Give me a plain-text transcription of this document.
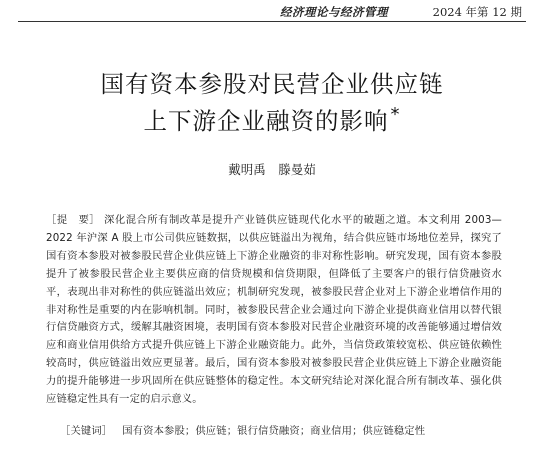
经济理论与经济管理	2024 年第 12 期
国有资本参股对民营企业供应链
上下游企业融资的影响 *
戴明禹　滕曼茹
［提　要］ 深化混合所有制改革是提升产业链供应链现代化水平的破题之道。本文利用 2003—2022 年沪深 A 股上市公司供应链数据，以供应链溢出为视角，结合供应链市场地位差异，探究了国有资本参股对被参股民营企业供应链上下游企业融资的非对称性影响。研究发现，国有资本参股提升了被参股民营企业主要供应商的信贷规模和信贷期限，但降低了主要客户的银行信贷融资水平，表现出非对称性的供应链溢出效应；机制研究发现，被参股民营企业对上下游企业增信作用的非对称性是重要的内在影响机制。同时，被参股民营企业会通过向下游企业提供商业信用以替代银行信贷融资方式，缓解其融资困境，表明国有资本参股对民营企业融资环境的改善能够通过增信效应和商业信用供给方式提升供应链上下游企业融资能力。此外，当信贷政策较宽松、供应链依赖性较高时，供应链溢出效应更显著。最后，国有资本参股对被参股民营企业供应链上下游企业融资能力的提升能够进一步巩固所在供应链整体的稳定性。本文研究结论对深化混合所有制改革、强化供应链稳定性具有一定的启示意义。
［关键词］ 国有资本参股；供应链；银行信贷融资；商业信用；供应链稳定性
